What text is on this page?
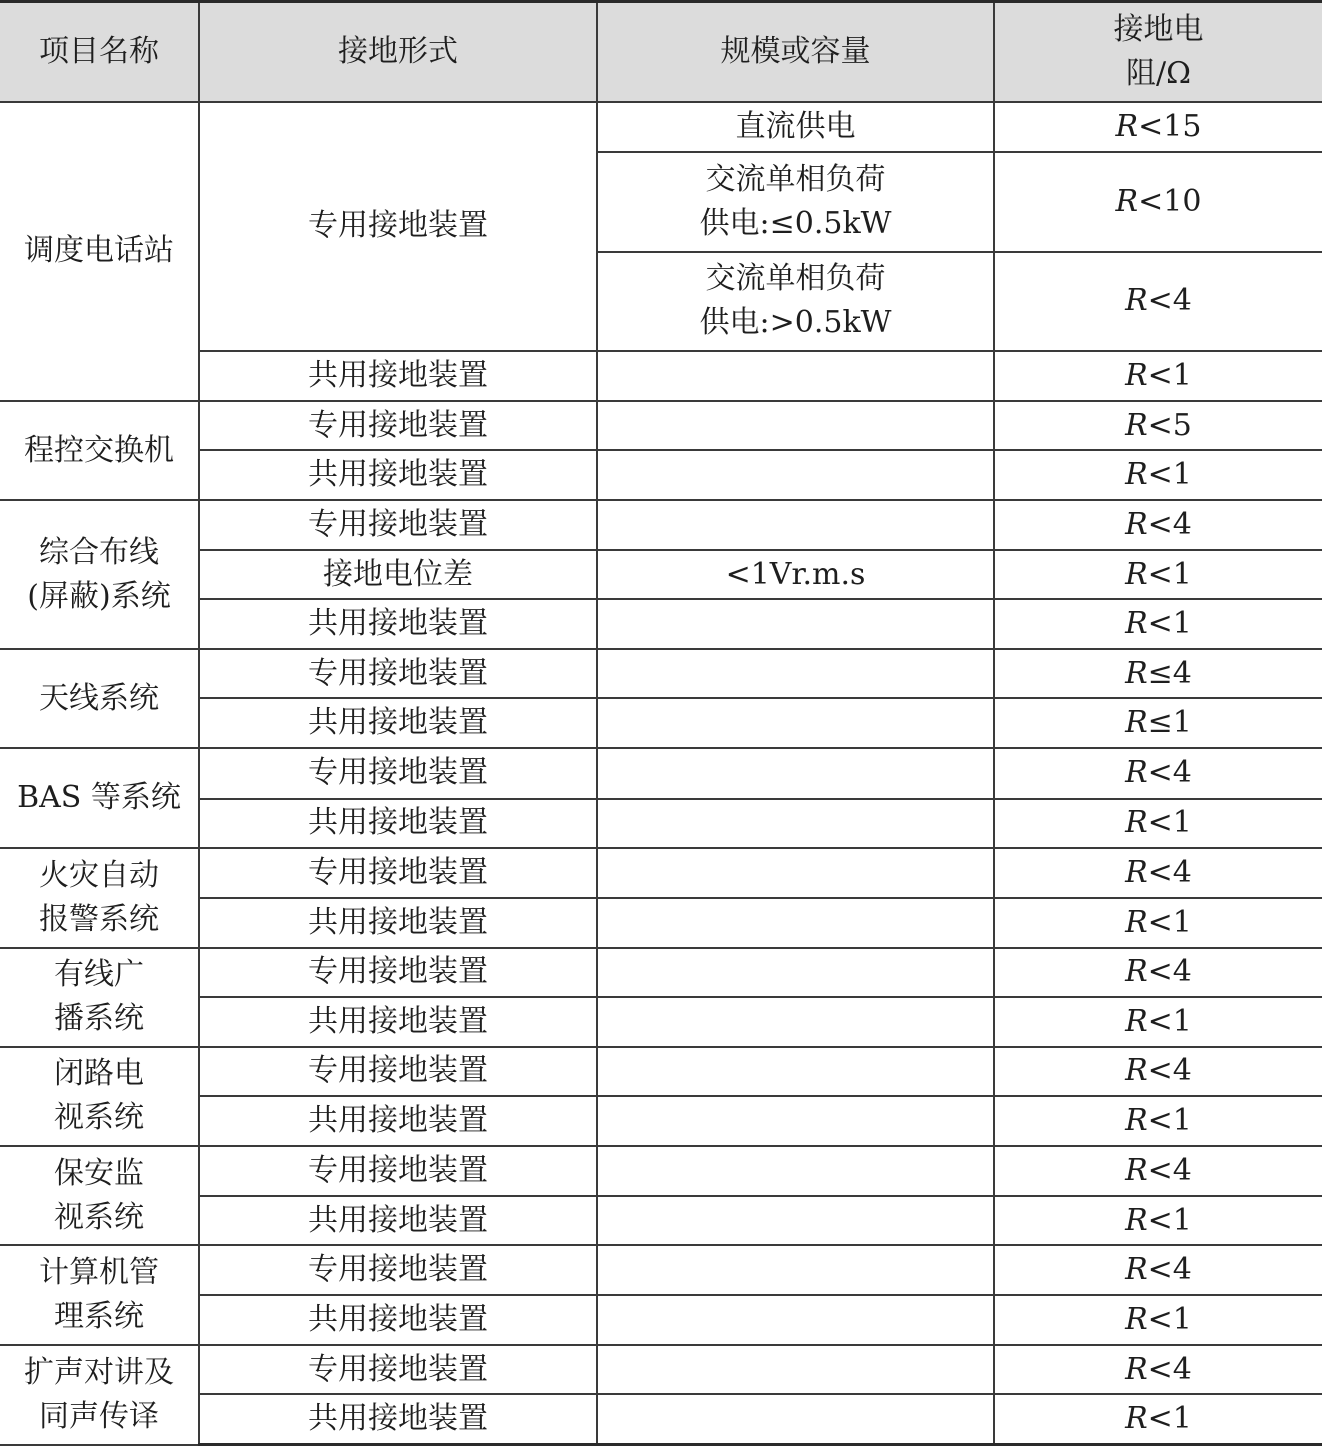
项目名称	接地形式	规模或容量	接地电
阻/Ω
调度电话站	专用接地装置	直流供电	R<15
		交流单相负荷
供电:≤0.5kW	R<10
		交流单相负荷
供电:>0.5kW	R<4
	共用接地装置		R<1
程控交换机	专用接地装置		R<5
	共用接地装置		R<1
综合布线
(屏蔽)系统	专用接地装置		R<4
	接地电位差	<1Vr.m.s	R<1
	共用接地装置		R<1
天线系统	专用接地装置		R≤4
	共用接地装置		R≤1
BAS 等系统	专用接地装置		R<4
	共用接地装置		R<1
火灾自动
报警系统	专用接地装置		R<4
	共用接地装置		R<1
有线广
播系统	专用接地装置		R<4
	共用接地装置		R<1
闭路电
视系统	专用接地装置		R<4
	共用接地装置		R<1
保安监
视系统	专用接地装置		R<4
	共用接地装置		R<1
计算机管
理系统	专用接地装置		R<4
	共用接地装置		R<1
扩声对讲及
同声传译	专用接地装置		R<4
	共用接地装置		R<1
